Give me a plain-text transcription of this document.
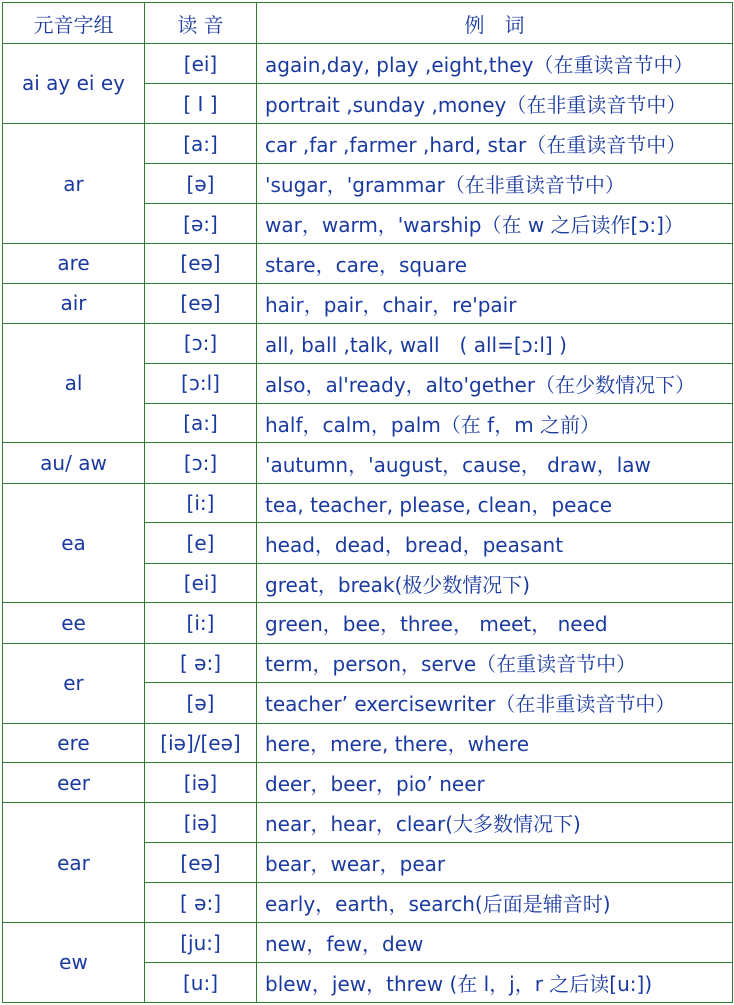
元音字组	读 音	例　词
ai ay ei ey	[ei]	again,day, play ,eight,they（在重读音节中）
	[ I ]	portrait ,sunday ,money（在非重读音节中）
ar	[a:]	car ,far ,farmer ,hard, star（在重读音节中）
	[ə]	'sugar，'grammar（在非重读音节中）
	[ə:]	war，warm，'warship（在 w 之后读作[ɔ:]）
are	[eə]	stare，care，square
air	[eə]	hair，pair，chair，re'pair
al	[ɔ:]	all, ball ,talk, wall　( all=[ɔ:l] )
	[ɔ:l]	also，al'ready，alto'gether（在少数情况下）
	[a:]	half，calm，palm（在 f，m 之前）
au/ aw	[ɔ:]	'autumn，'august，cause， draw，law
ea	[i:]	tea, teacher, please, clean，peace
	[e]	head，dead，bread，peasant
	[ei]	great，break(极少数情况下)
ee	[i:]	green，bee，three， meet， need
er	[ ə:]	term，person，serve（在重读音节中）
	[ə]	teacher’ exercisewriter（在非重读音节中）
ere	[iə]/[eə]	here，mere, there，where
eer	[iə]	deer，beer，pio’ neer
ear	[iə]	near，hear，clear(大多数情况下)
	[eə]	bear，wear，pear
	[ ə:]	early，earth，search(后面是辅音时)
ew	[ju:]	new，few，dew
	[u:]	blew，jew，threw (在 l，j，r 之后读[u:])
